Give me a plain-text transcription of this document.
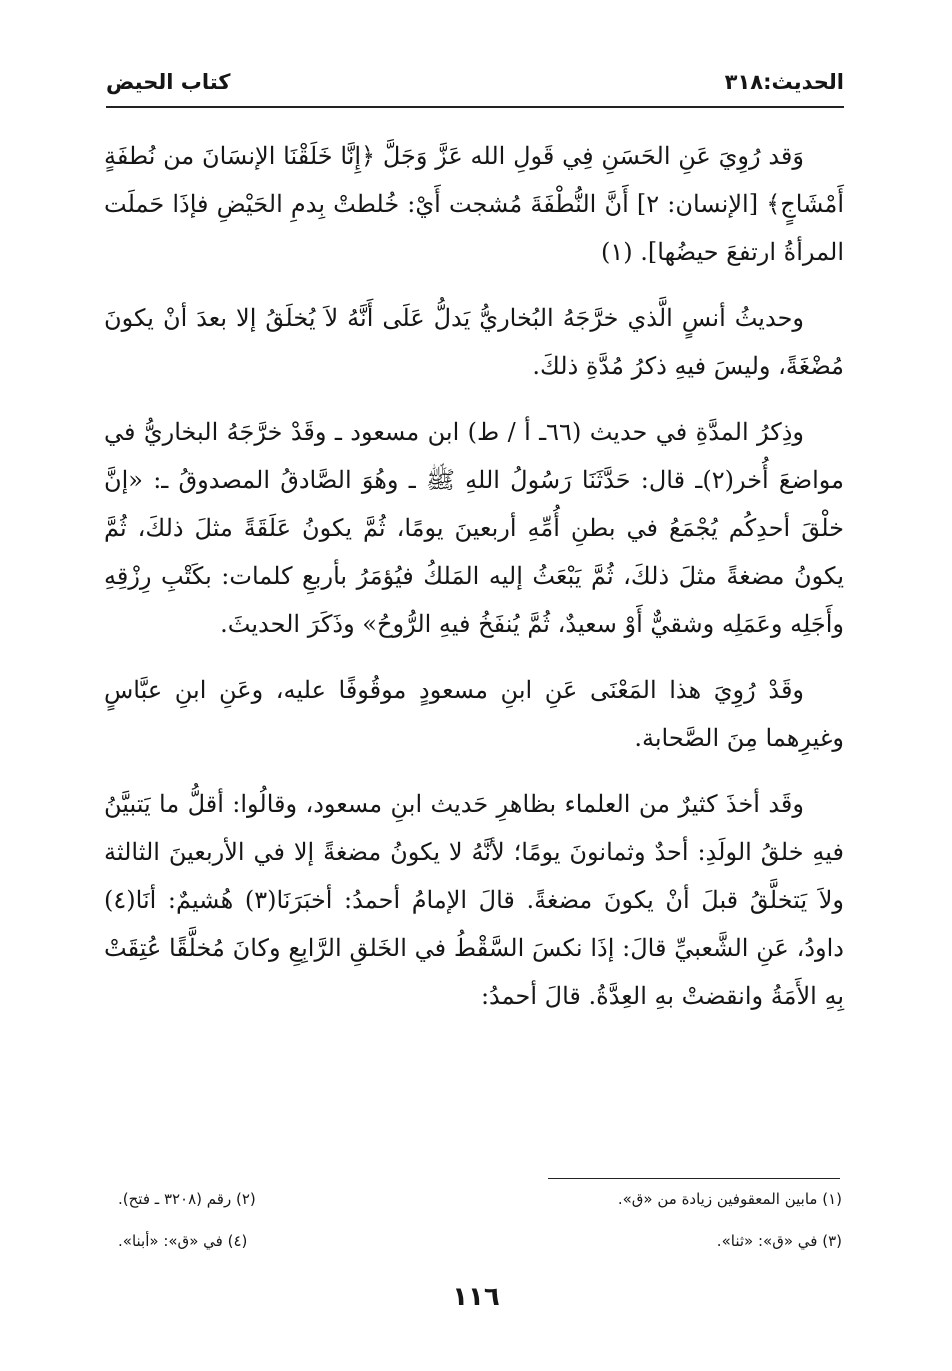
الحديث:٣١٨
كتاب الحيض

وَقد رُوِيَ عَنِ الحَسَنِ فِي قَولِ الله عَزَّ وَجَلَّ ﴿إِنَّا خَلَقْنَا الإنسَانَ من نُطفَةٍ أَمْشَاجٍ﴾ [الإنسان: ٢] أَنَّ النُّطْفَةَ مُشجت أَيْ: خُلطتْ بِدمِ الحَيْضِ فإذَا حَملَت المرأةُ ارتفعَ حيضُها]. (١)

وحديثُ أنسٍ الَّذي خرَّجَهُ البُخاريُّ يَدلُّ عَلَى أَنَّهُ لاَ يُخلَقُ إلا بعدَ أنْ يكونَ مُضْغَةً، وليسَ فيهِ ذكرُ مُدَّةِ ذلكَ.

وذِكرُ المدَّةِ في حديث (٦٦ـ أ / ط) ابن مسعود ـ وقَدْ خرَّجَهُ البخاريُّ في مواضعَ أُخر(٢)ـ قال: حَدَّثَنَا رَسُولُ اللهِ ﷺ ـ وهُوَ الصَّادقُ المصدوقُ ـ: «إنَّ خلْقَ أحدِكُم يُجْمَعُ في بطنِ أُمِّهِ أربعينَ يومًا، ثُمَّ يكونُ عَلَقَةً مثلَ ذلكَ، ثُمَّ يكونُ مضغةً مثلَ ذلكَ، ثُمَّ يَبْعَثُ إليه المَلكُ فيُؤمَرُ بأربعِ كلمات: بكَتْبِ رِزْقِهِ وأَجَلِه وعَمَلِه وشقيٌّ أَوْ سعيدٌ، ثُمَّ يُنفَخُ فيهِ الرُّوحُ» وذَكَرَ الحديثَ.

وقَدْ رُوِيَ هذا المَعْنَى عَنِ ابنِ مسعودٍ موقُوفًا عليه، وعَنِ ابنِ عبَّاسٍ وغيرِهما مِنَ الصَّحابة.

وقَد أخذَ كثيرٌ من العلماء بظاهرِ حَديث ابنِ مسعود، وقالُوا: أقلُّ ما يَتبيَّنُ فيهِ خلقُ الولَدِ: أحدٌ وثمانونَ يومًا؛ لأنَّهُ لا يكونُ مضغةً إلا في الأربعينَ الثالثة ولاَ يَتخلَّقُ قبلَ أنْ يكونَ مضغةً. قالَ الإمامُ أحمدُ: أخبَرَنَا(٣) هُشيمٌ: أنَا(٤) داودُ، عَنِ الشَّعبيِّ قالَ: إذَا نكسَ السَّقْطُ في الخَلقِ الرَّابِعِ وكانَ مُخلَّقًا عُتِقَتْ بِهِ الأَمَةُ وانقضتْ بهِ العِدَّةُ. قالَ أحمدُ:

(١) مابين المعقوفين زيادة من «ق».
(٢) رقم (٣٢٠٨ ـ فتح).
(٣) في «ق»: «ثنا».
(٤) في «ق»: «أبنا».
١١٦
